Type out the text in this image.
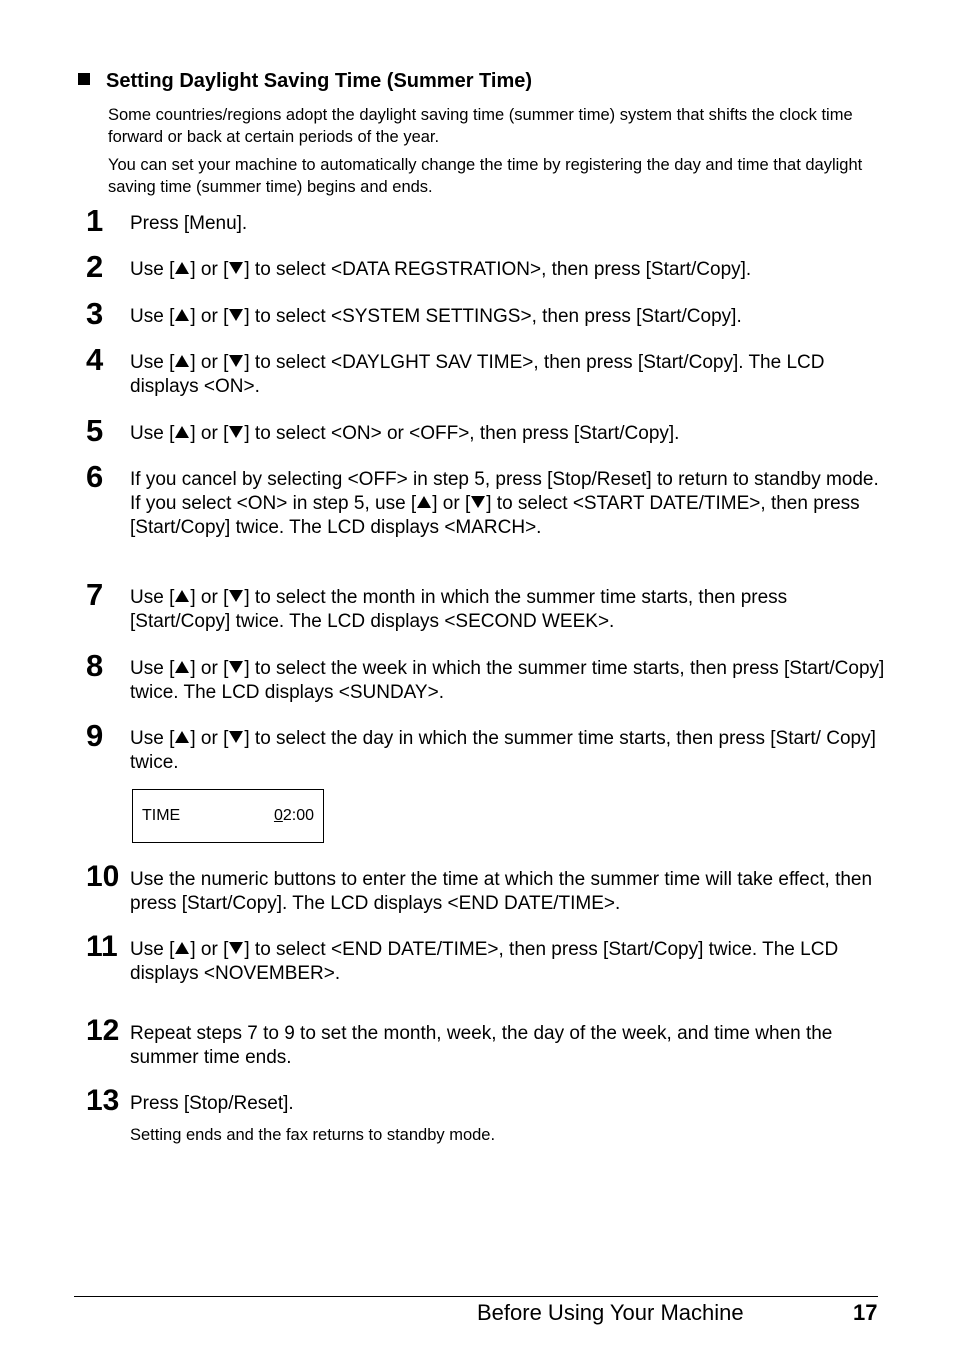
Setting Daylight Saving Time (Summer Time)
Some countries/regions adopt the daylight saving time (summer time) system that shifts the clock time forward or back at certain periods of the year.
You can set your machine to automatically change the time by registering the day and time that daylight saving time (summer time) begins and ends.
1	Press [Menu].
2	Use [ ] or [ ] to select <DATA REGSTRATION>, then press [Start/Copy].
3	Use [ ] or [ ] to select <SYSTEM SETTINGS>, then press [Start/Copy].
4	Use [ ] or [ ] to select <DAYLGHT SAV TIME>, then press [Start/Copy]. The LCD displays <ON>.
5	Use [ ] or [ ] to select <ON> or <OFF>, then press [Start/Copy].
6	If you cancel by selecting <OFF> in step 5, press [Stop/Reset] to return to standby mode.
If you select <ON> in step 5, use [ ] or [ ] to select <START DATE/TIME>, then press [Start/Copy] twice. The LCD displays <MARCH>.
7	Use [ ] or [ ] to select the month in which the summer time starts, then press [Start/Copy] twice. The LCD displays <SECOND WEEK>.
8	Use [ ] or [ ] to select the week in which the summer time starts, then press [Start/Copy] twice. The LCD displays <SUNDAY>.
9	Use [ ] or [ ] to select the day in which the summer time starts, then press [Start/ Copy] twice.
TIME	02:00
10 Use the numeric buttons to enter the time at which the summer time will take effect, then press [Start/Copy]. The LCD displays <END DATE/TIME>.
11 Use [ ] or [ ] to select <END DATE/TIME>, then press [Start/Copy] twice. The LCD displays <NOVEMBER>.
12 Repeat steps 7 to 9 to set the month, week, the day of the week, and time when the summer time ends.
13 Press [Stop/Reset].
Setting ends and the fax returns to standby mode.
Before Using Your Machine	17
